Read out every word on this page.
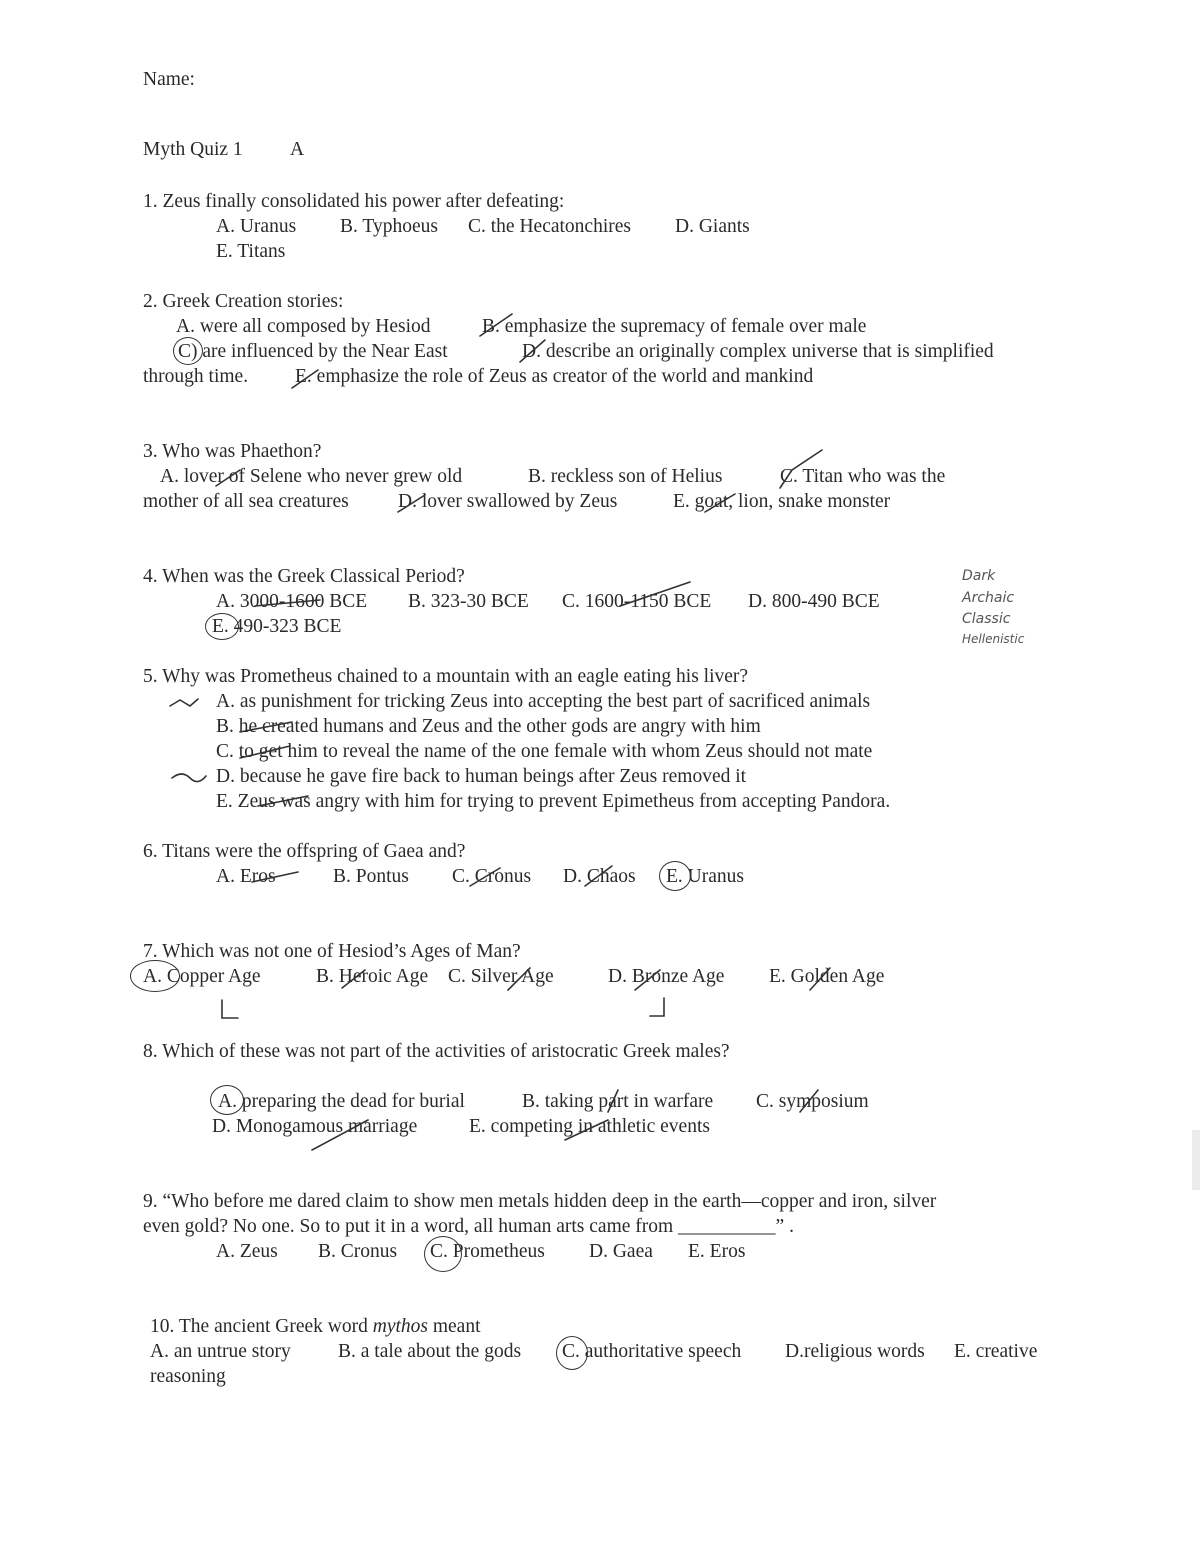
Name:
Myth Quiz 1 A
1. Zeus finally consolidated his power after defeating:
A. Uranus B. Typhoeus C. the Hecatonchires D. Giants
E. Titans
2. Greek Creation stories:
A. were all composed by Hesiod	B. emphasize the supremacy of female over male
C) are influenced by the Near East	D. describe an originally complex universe that is simplified
through time. E. emphasize the role of Zeus as creator of the world and mankind
3. Who was Phaethon?
A. lover of Selene who never grew old	B. reckless son of Helius	C. Titan who was the
mother of all sea creatures	D. lover swallowed by Zeus	E. goat, lion, snake monster
4. When was the Greek Classical Period?
A. 3000-1600 BCE B. 323-30 BCE C. 1600-1150 BCE D. 800-490 BCE
E. 490-323 BCE
Dark
Archaic
Classic
Hellenistic
5. Why was Prometheus chained to a mountain with an eagle eating his liver?
A. as punishment for tricking Zeus into accepting the best part of sacrificed animals
B. he created humans and Zeus and the other gods are angry with him
C. to get him to reveal the name of the one female with whom Zeus should not mate
D. because he gave fire back to human beings after Zeus removed it
E. Zeus was angry with him for trying to prevent Epimetheus from accepting Pandora.
6. Titans were the offspring of Gaea and?
A. Eros	B. Pontus C. Cronus D. Chaos E. Uranus
7. Which was not one of Hesiod’s Ages of Man?
A. Copper Age	B. Heroic Age C. Silver Age	D. Bronze Age E. Golden Age
8. Which of these was not part of the activities of aristocratic Greek males?
A. preparing the dead for burial	B. taking part in warfare C. symposium
D. Monogamous marriage	E. competing in athletic events
9. “Who before me dared claim to show men metals hidden deep in the earth—copper and iron, silver
even gold? No one. So to put it in a word, all human arts came from __________” .
A. Zeus B. Cronus C. Prometheus D. Gaea E. Eros
10. The ancient Greek word mythos meant
A. an untrue story B. a tale about the gods C. authoritative speech D.religious words E. creative
reasoning
